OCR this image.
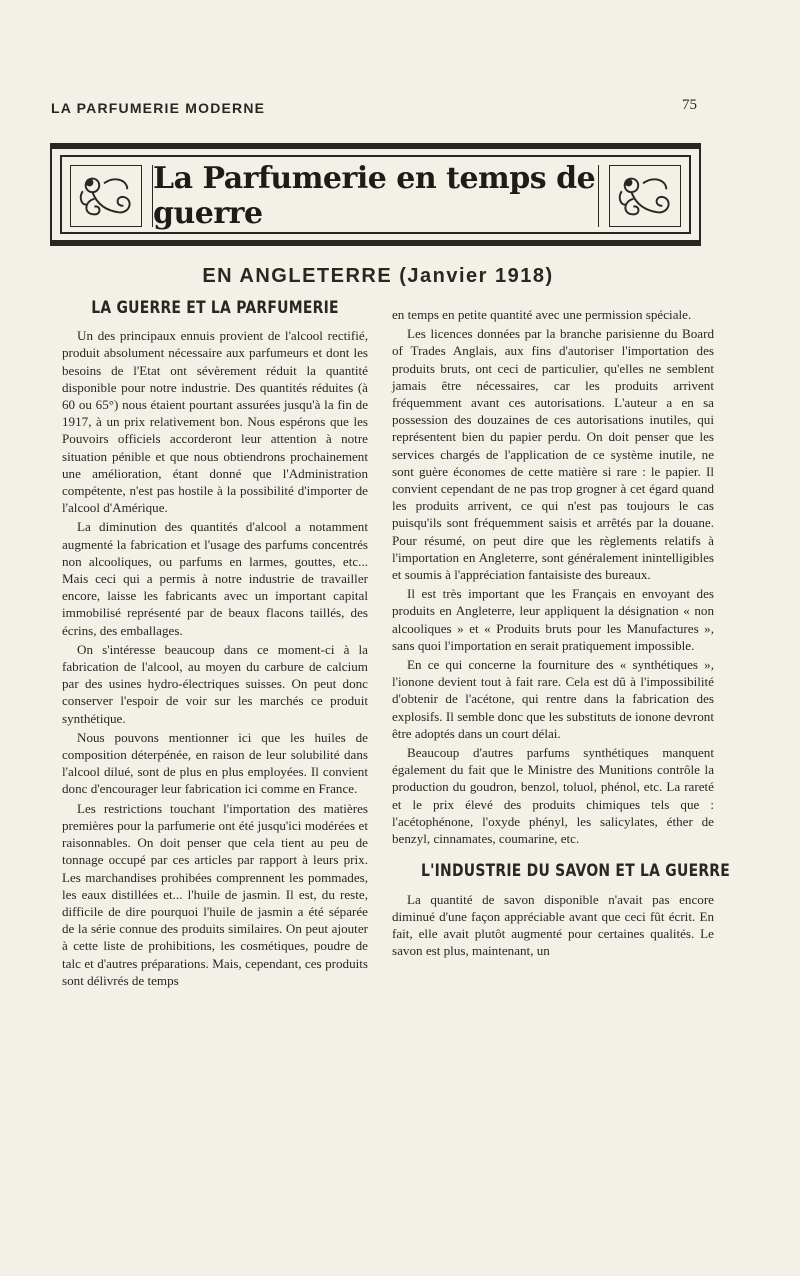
LA PARFUMERIE MODERNE	75
La Parfumerie en temps de guerre
EN ANGLETERRE (Janvier 1918)
LA GUERRE ET LA PARFUMERIE

Un des principaux ennuis provient de l'alcool rectifié, produit absolument nécessaire aux parfumeurs et dont les besoins de l'Etat ont sévèrement réduit la quantité disponible pour notre industrie. Des quantités réduites (à 60 ou 65°) nous étaient pourtant assurées jusqu'à la fin de 1917, à un prix relativement bon. Nous espérons que les Pouvoirs officiels accorderont leur attention à notre situation pénible et que nous obtiendrons prochainement une amélioration, étant donné que l'Administration compétente, n'est pas hostile à la possibilité d'importer de l'alcool d'Amérique.

La diminution des quantités d'alcool a notamment augmenté la fabrication et l'usage des parfums concentrés non alcooliques, ou parfums en larmes, gouttes, etc... Mais ceci qui a permis à notre industrie de travailler encore, laisse les fabricants avec un important capital immobilisé représenté par de beaux flacons taillés, des écrins, des emballages.

On s'intéresse beaucoup dans ce moment-ci à la fabrication de l'alcool, au moyen du carbure de calcium par des usines hydro-électriques suisses. On peut donc conserver l'espoir de voir sur les marchés ce produit synthétique.

Nous pouvons mentionner ici que les huiles de composition déterpénée, en raison de leur solubilité dans l'alcool dilué, sont de plus en plus employées. Il convient donc d'encourager leur fabrication ici comme en France.

Les restrictions touchant l'importation des matières premières pour la parfumerie ont été jusqu'ici modérées et raisonnables. On doit penser que cela tient au peu de tonnage occupé par ces articles par rapport à leurs prix. Les marchandises prohibées comprennent les pommades, les eaux distillées et... l'huile de jasmin. Il est, du reste, difficile de dire pourquoi l'huile de jasmin a été séparée de la série connue des produits similaires. On peut ajouter à cette liste de prohibitions, les cosmétiques, poudre de talc et d'autres préparations. Mais, cependant, ces produits sont délivrés de temps

en temps en petite quantité avec une permission spéciale.

Les licences données par la branche parisienne du Board of Trades Anglais, aux fins d'autoriser l'importation des produits bruts, ont ceci de particulier, qu'elles ne semblent jamais être nécessaires, car les produits arrivent fréquemment avant ces autorisations. L'auteur a en sa possession des douzaines de ces autorisations inutiles, qui représentent bien du papier perdu. On doit penser que les services chargés de l'application de ce système inutile, ne sont guère économes de cette matière si rare : le papier. Il convient cependant de ne pas trop grogner à cet égard quand les produits arrivent, ce qui n'est pas toujours le cas puisqu'ils sont fréquemment saisis et arrêtés par la douane. Pour résumé, on peut dire que les règlements relatifs à l'importation en Angleterre, sont généralement inintelligibles et soumis à l'appréciation fantaisiste des bureaux.

Il est très important que les Français en envoyant des produits en Angleterre, leur appliquent la désignation « non alcooliques » et « Produits bruts pour les Manufactures », sans quoi l'importation en serait pratiquement impossible.

En ce qui concerne la fourniture des « synthétiques », l'ionone devient tout à fait rare. Cela est dû à l'impossibilité d'obtenir de l'acétone, qui rentre dans la fabrication des explosifs. Il semble donc que les substituts de ionone devront être adoptés dans un court délai.

Beaucoup d'autres parfums synthétiques manquent également du fait que le Ministre des Munitions contrôle la production du goudron, benzol, toluol, phénol, etc. La rareté et le prix élevé des produits chimiques tels que : l'acétophénone, l'oxyde phényl, les salicylates, éther de benzyl, cinnamates, coumarine, etc.

L'INDUSTRIE DU SAVON ET LA GUERRE

La quantité de savon disponible n'avait pas encore diminué d'une façon appréciable avant que ceci fût écrit. En fait, elle avait plutôt augmenté pour certaines qualités. Le savon est plus, maintenant, un
